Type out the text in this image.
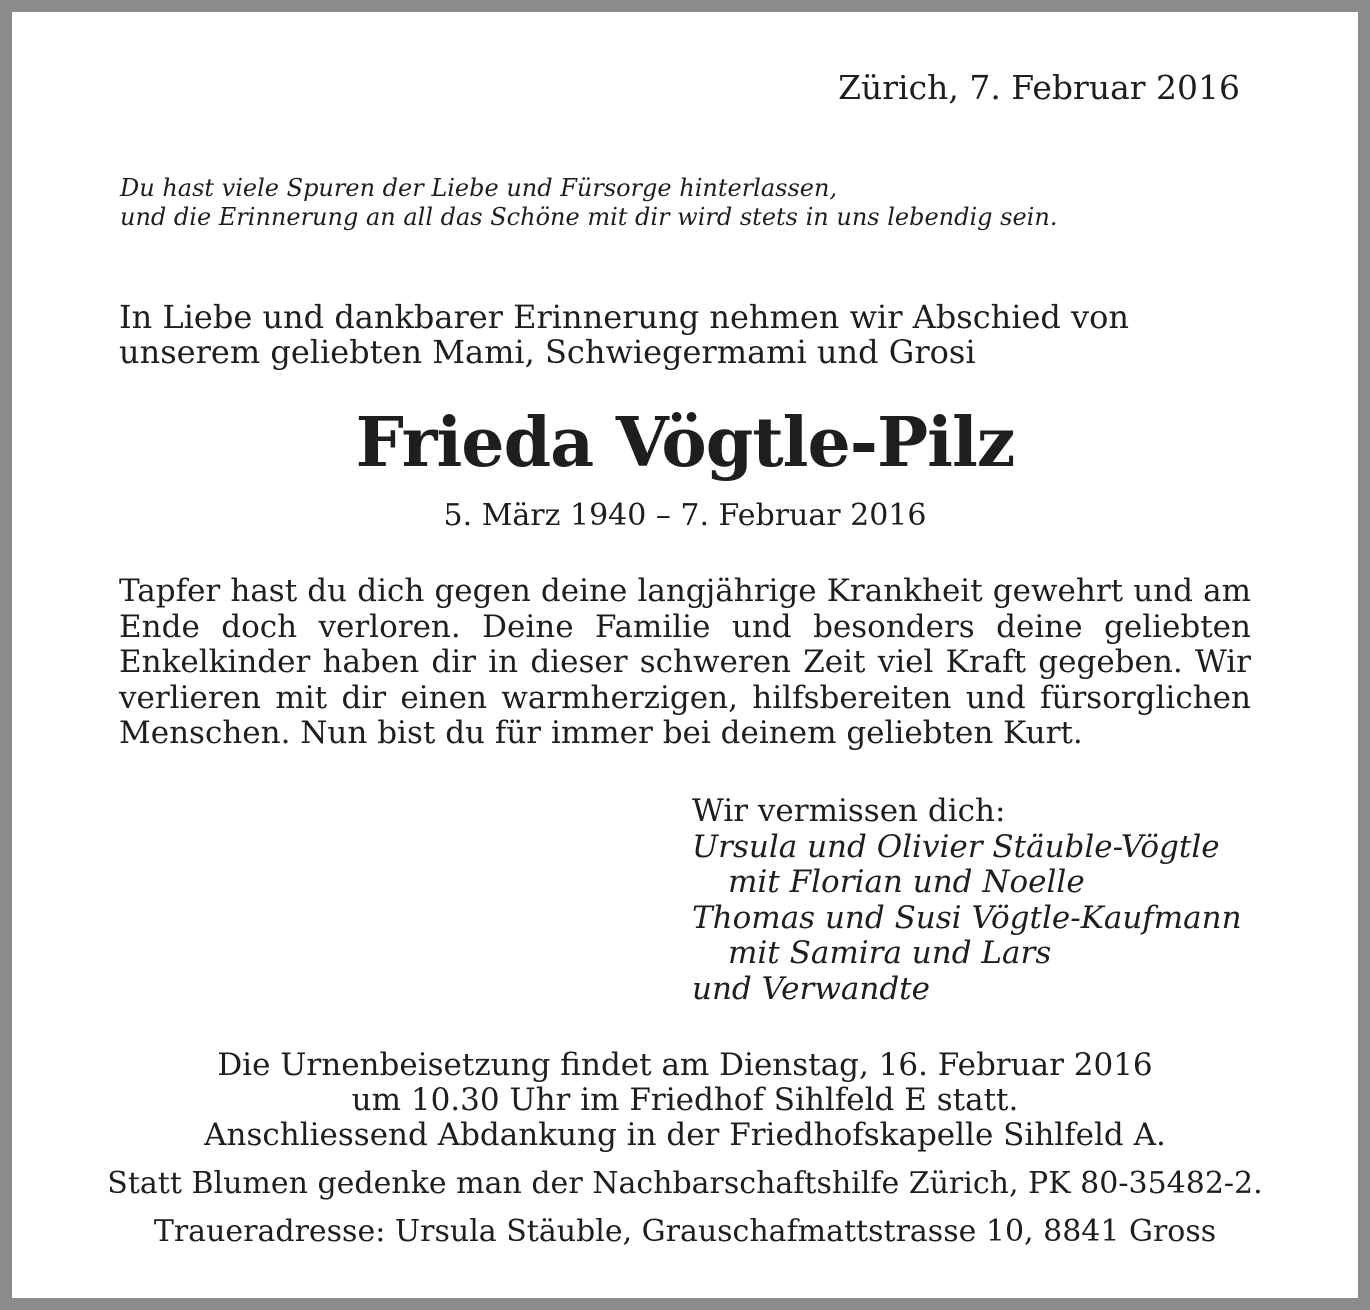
Zürich, 7. Februar 2016

Du hast viele Spuren der Liebe und Fürsorge hinterlassen,
und die Erinnerung an all das Schöne mit dir wird stets in uns lebendig sein.

In Liebe und dankbarer Erinnerung nehmen wir Abschied von unserem geliebten Mami, Schwiegermami und Grosi

Frieda Vögtle-Pilz

5. März 1940 – 7. Februar 2016

Tapfer hast du dich gegen deine langjährige Krankheit gewehrt und am Ende doch verloren. Deine Familie und besonders deine geliebten Enkelkinder haben dir in dieser schweren Zeit viel Kraft gegeben. Wir verlieren mit dir einen warmherzigen, hilfsbereiten und fürsorglichen Menschen. Nun bist du für immer bei deinem geliebten Kurt.

Wir vermissen dich:
Ursula und Olivier Stäuble-Vögtle
mit Florian und Noelle
Thomas und Susi Vögtle-Kaufmann
mit Samira und Lars
und Verwandte
Die Urnenbeisetzung findet am Dienstag, 16. Februar 2016
um 10.30 Uhr im Friedhof Sihlfeld E statt.
Anschliessend Abdankung in der Friedhofskapelle Sihlfeld A.

Statt Blumen gedenke man der Nachbarschaftshilfe Zürich, PK 80-35482-2.

Traueradresse: Ursula Stäuble, Grauschafmattstrasse 10, 8841 Gross
